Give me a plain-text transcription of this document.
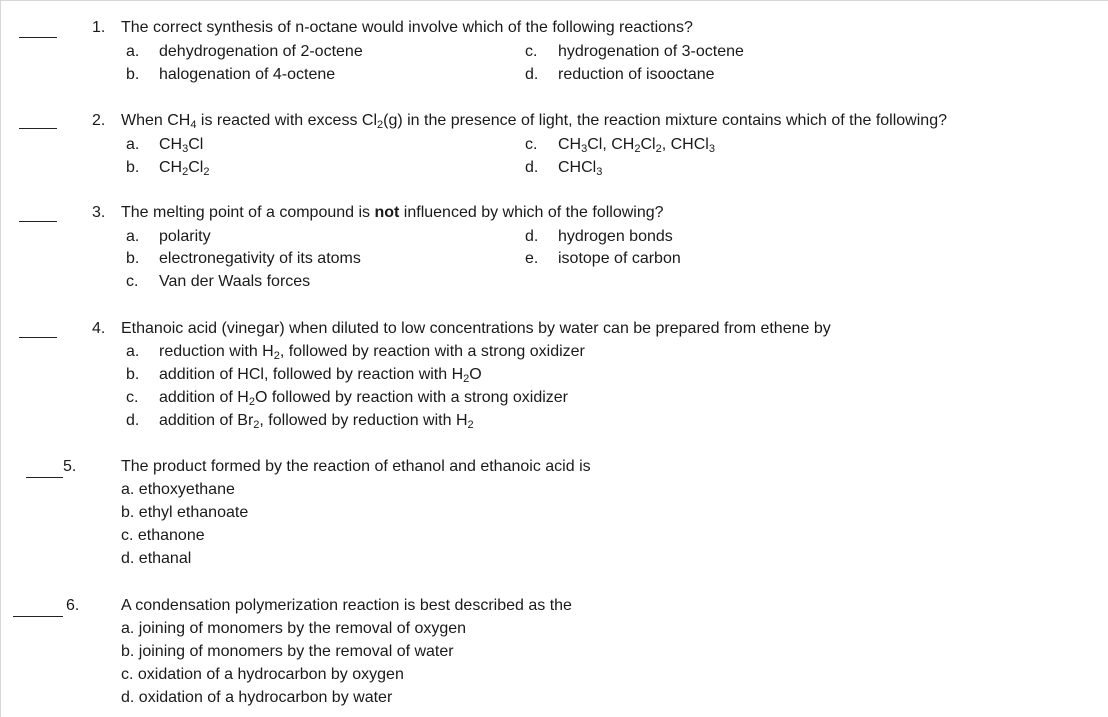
1. The correct synthesis of n-octane would involve which of the following reactions?
a. dehydrogenation of 2-octene
b. halogenation of 4-octene
c. hydrogenation of 3-octene
d. reduction of isooctane
2. When $CH_4$ is reacted with excess $Cl_2(g)$ in the presence of light, the reaction mixture contains which of the following?
a. $CH_3Cl$
b. $CH_2Cl_2$
c. $CH_3Cl$, $CH_2Cl_2$, CHCl$_3$
d. CHCl$_3$
3. The melting point of a compound is not influenced by which of the following?
a. polarity
b. electronegativity of its atoms
c. Van der Waals forces
d. hydrogen bonds
e. isotope of carbon
4. Ethanoic acid (vinegar) when diluted to low concentrations by water can be prepared from ethene by
a. reduction with $H_2$, followed by reaction with a strong oxidizer
b. addition of HCl, followed by reaction with $H_2O$
c. addition of $H_2O$ followed by reaction with a strong oxidizer
d. addition of $Br_2$, followed by reduction with $H_2$
5.	The product formed by the reaction of ethanol and ethanoic acid is
a. ethoxyethane
b. ethyl ethanoate
c. ethanone
d. ethanal
6.	A condensation polymerization reaction is best described as the
a. joining of monomers by the removal of oxygen
b. joining of monomers by the removal of water
c. oxidation of a hydrocarbon by oxygen
d. oxidation of a hydrocarbon by water
